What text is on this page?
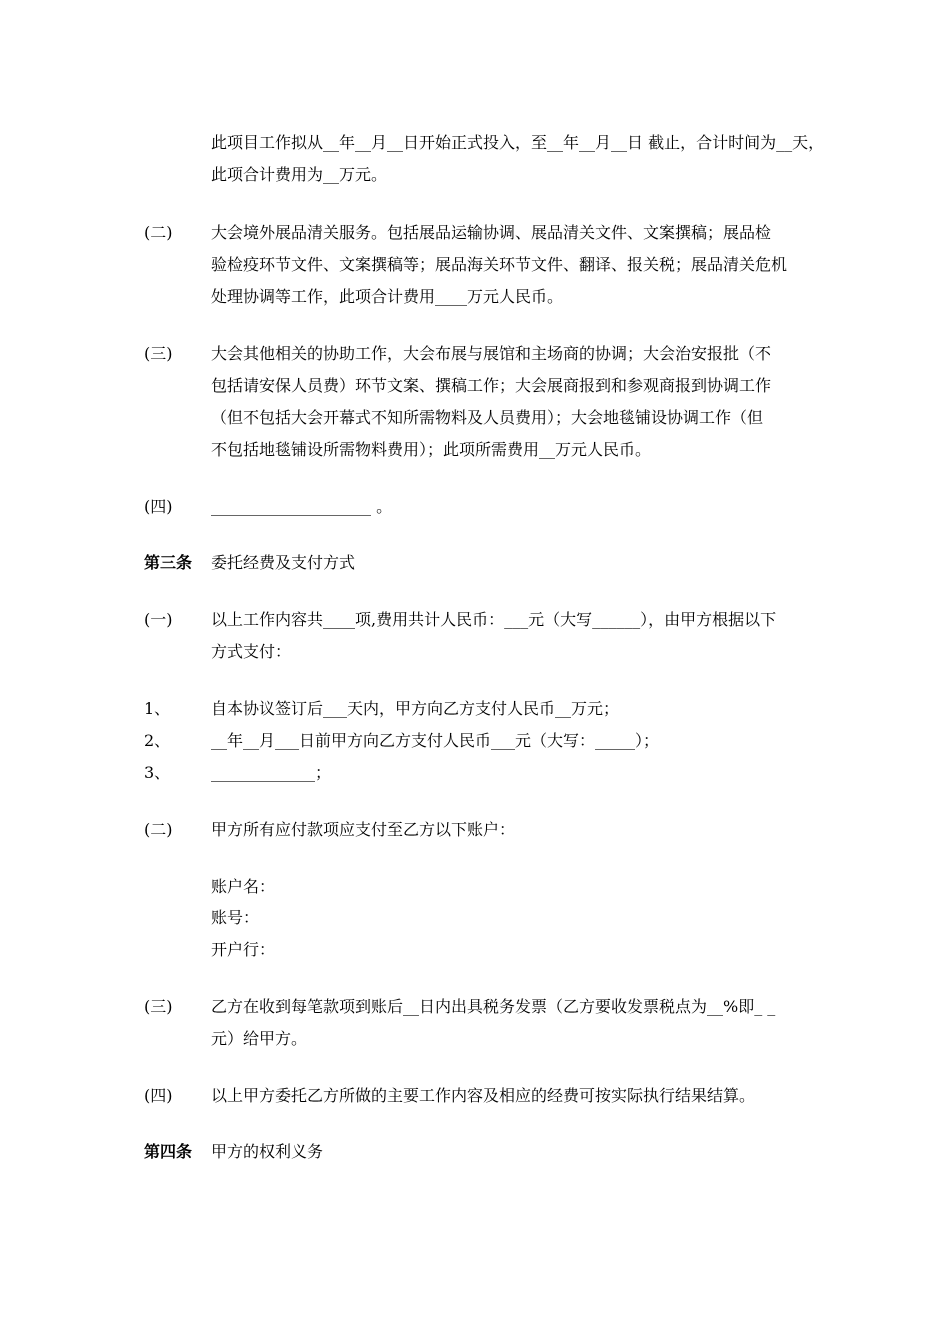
此项目工作拟从__年__月__日开始正式投入，至__年__月__日 截止，合计时间为__天，
此项合计费用为__万元。
(二) 大会境外展品清关服务。包括展品运输协调、展品清关文件、文案撰稿；展品检
验检疫环节文件、文案撰稿等；展品海关环节文件、翻译、报关税；展品清关危机
处理协调等工作，此项合计费用____万元人民币。
(三) 大会其他相关的协助工作，大会布展与展馆和主场商的协调；大会治安报批（不
包括请安保人员费）环节文案、撰稿工作；大会展商报到和参观商报到协调工作
（但不包括大会开幕式不知所需物料及人员费用）；大会地毯铺设协调工作（但
不包括地毯铺设所需物料费用）；此项所需费用__万元人民币。
(四) ____________________ 。
第三条 委托经费及支付方式
(一) 以上工作内容共____项,费用共计人民币：___元（大写______），由甲方根据以下
方式支付：
1、	自本协议签订后___天内，甲方向乙方支付人民币__万元；
2、	__年__月___日前甲方向乙方支付人民币___元（大写：_____）；
3、	_____________；
(二) 甲方所有应付款项应支付至乙方以下账户：
账户名：
账号：
开户行：
(三) 乙方在收到每笔款项到账后__日内出具税务发票（乙方要收发票税点为__%即_ _
元）给甲方。
(四) 以上甲方委托乙方所做的主要工作内容及相应的经费可按实际执行结果结算。
第四条 甲方的权利义务
